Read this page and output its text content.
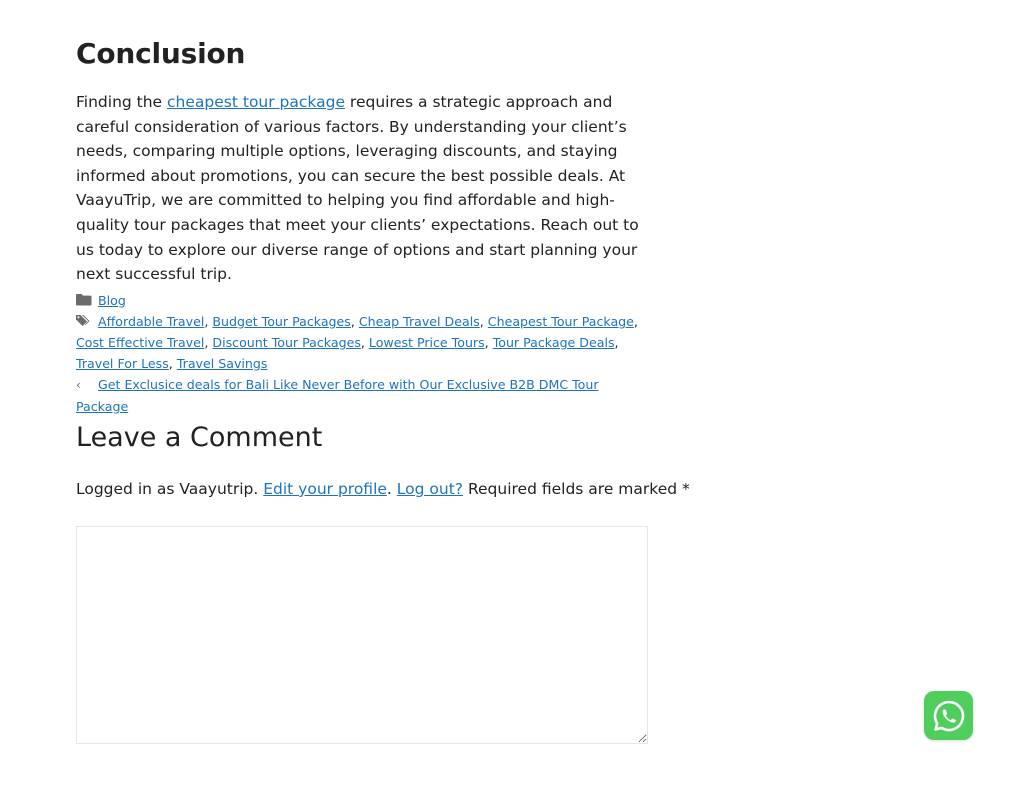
Conclusion

Finding the cheapest tour package requires a strategic approach and careful consideration of various factors. By understanding your client’s needs, comparing multiple options, leveraging discounts, and staying informed about promotions, you can secure the best possible deals. At VaayuTrip, we are committed to helping you find affordable and high-quality tour packages that meet your clients’ expectations. Reach out to us today to explore our diverse range of options and start planning your next successful trip.

Blog
Affordable Travel, Budget Tour Packages, Cheap Travel Deals, Cheapest Tour Package, Cost Effective Travel, Discount Tour Packages, Lowest Price Tours, Tour Package Deals, Travel For Less, Travel Savings
‹ Get Exclusice deals for Bali Like Never Before with Our Exclusive B2B DMC Tour Package
Leave a Comment

Logged in as Vaayutrip. Edit your profile. Log out? Required fields are marked *
